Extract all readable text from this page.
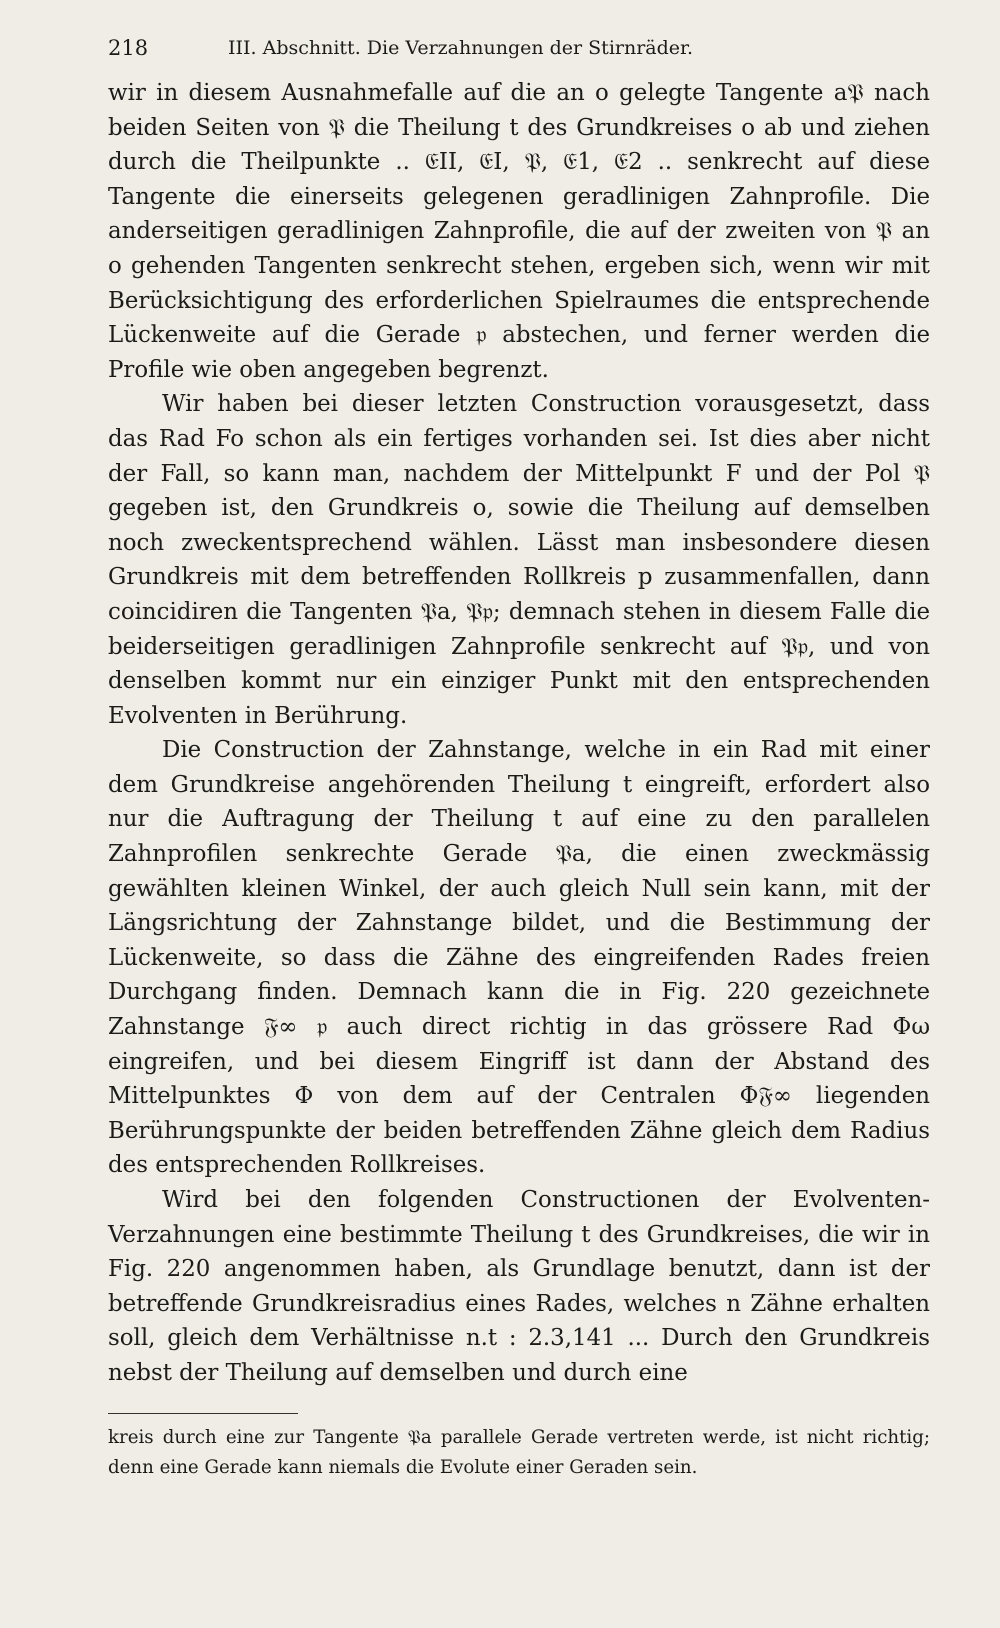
218	III. Abschnitt. Die Verzahnungen der Stirnräder.

wir in diesem Ausnahmefalle auf die an o gelegte Tangente a𝔓 nach beiden Seiten von 𝔓 die Theilung t des Grundkreises o ab und ziehen durch die Theilpunkte .. 𝔈II, 𝔈I, 𝔓, 𝔈1, 𝔈2 .. senkrecht auf diese Tangente die einerseits gelegenen geradlinigen Zahnprofile. Die anderseitigen geradlinigen Zahnprofile, die auf der zweiten von 𝔓 an o gehenden Tangenten senkrecht stehen, ergeben sich, wenn wir mit Berücksichtigung des erforderlichen Spielraumes die entsprechende Lückenweite auf die Gerade 𝔭 abstechen, und ferner werden die Profile wie oben angegeben begrenzt.

Wir haben bei dieser letzten Construction vorausgesetzt, dass das Rad Fo schon als ein fertiges vorhanden sei. Ist dies aber nicht der Fall, so kann man, nachdem der Mittelpunkt F und der Pol 𝔓 gegeben ist, den Grundkreis o, sowie die Theilung auf demselben noch zweckentsprechend wählen. Lässt man insbesondere diesen Grundkreis mit dem betreffenden Rollkreis p zusammenfallen, dann coincidiren die Tangenten 𝔓a, 𝔓𝔭; demnach stehen in diesem Falle die beiderseitigen geradlinigen Zahnprofile senkrecht auf 𝔓𝔭, und von denselben kommt nur ein einziger Punkt mit den entsprechenden Evolventen in Berührung.

Die Construction der Zahnstange, welche in ein Rad mit einer dem Grundkreise angehörenden Theilung t eingreift, erfordert also nur die Auftragung der Theilung t auf eine zu den parallelen Zahnprofilen senkrechte Gerade 𝔓a, die einen zweckmässig gewählten kleinen Winkel, der auch gleich Null sein kann, mit der Längsrichtung der Zahnstange bildet, und die Bestimmung der Lückenweite, so dass die Zähne des eingreifenden Rades freien Durchgang finden. Demnach kann die in Fig. 220 gezeichnete Zahnstange 𝔉∞ 𝔭 auch direct richtig in das grössere Rad Φω eingreifen, und bei diesem Eingriff ist dann der Abstand des Mittelpunktes Φ von dem auf der Centralen Φ𝔉∞ liegenden Berührungspunkte der beiden betreffenden Zähne gleich dem Radius des entsprechenden Rollkreises.

Wird bei den folgenden Constructionen der Evolventen-Verzahnungen eine bestimmte Theilung t des Grundkreises, die wir in Fig. 220 angenommen haben, als Grundlage benutzt, dann ist der betreffende Grundkreisradius eines Rades, welches n Zähne erhalten soll, gleich dem Verhältnisse n.t : 2.3,141 ... Durch den Grundkreis nebst der Theilung auf demselben und durch eine

kreis durch eine zur Tangente 𝔓a parallele Gerade vertreten werde, ist nicht richtig; denn eine Gerade kann niemals die Evolute einer Geraden sein.
